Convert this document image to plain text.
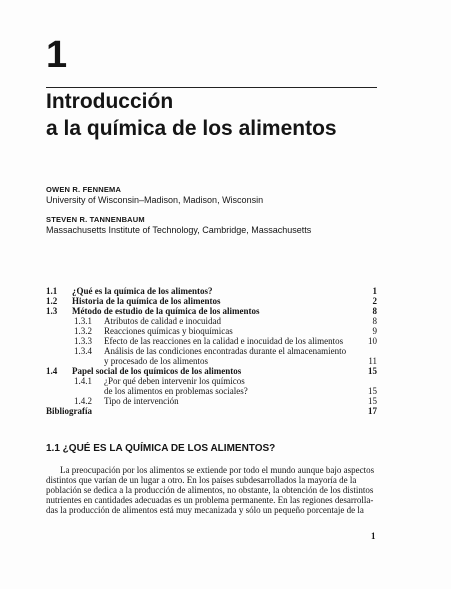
1
Introducción
a la química de los alimentos
OWEN R. FENNEMA
University of Wisconsin–Madison, Madison, Wisconsin
STEVEN R. TANNENBAUM
Massachusetts Institute of Technology, Cambridge, Massachusetts
1.1 ¿Qué es la química de los alimentos?	1
1.2 Historia de la química de los alimentos	2
1.3 Método de estudio de la química de los alimentos	8
1.3.1 Atributos de calidad e inocuidad	8
1.3.2 Reacciones químicas y bioquímicas	9
1.3.3 Efecto de las reacciones en la calidad e inocuidad de los alimentos	10
1.3.4 Análisis de las condiciones encontradas durante el almacenamiento
y procesado de los alimentos	11
1.4 Papel social de los químicos de los alimentos	15
1.4.1 ¿Por qué deben intervenir los químicos
de los alimentos en problemas sociales?	15
1.4.2 Tipo de intervención	15
Bibliografía	17
1.1 ¿QUÉ ES LA QUÍMICA DE LOS ALIMENTOS?
La preocupación por los alimentos se extiende por todo el mundo aunque bajo aspectos
distintos que varían de un lugar a otro. En los países subdesarrollados la mayoría de la
población se dedica a la producción de alimentos, no obstante, la obtención de los distintos
nutrientes en cantidades adecuadas es un problema permanente. En las regiones desarrolla-
das la producción de alimentos está muy mecanizada y sólo un pequeño porcentaje de la
1
